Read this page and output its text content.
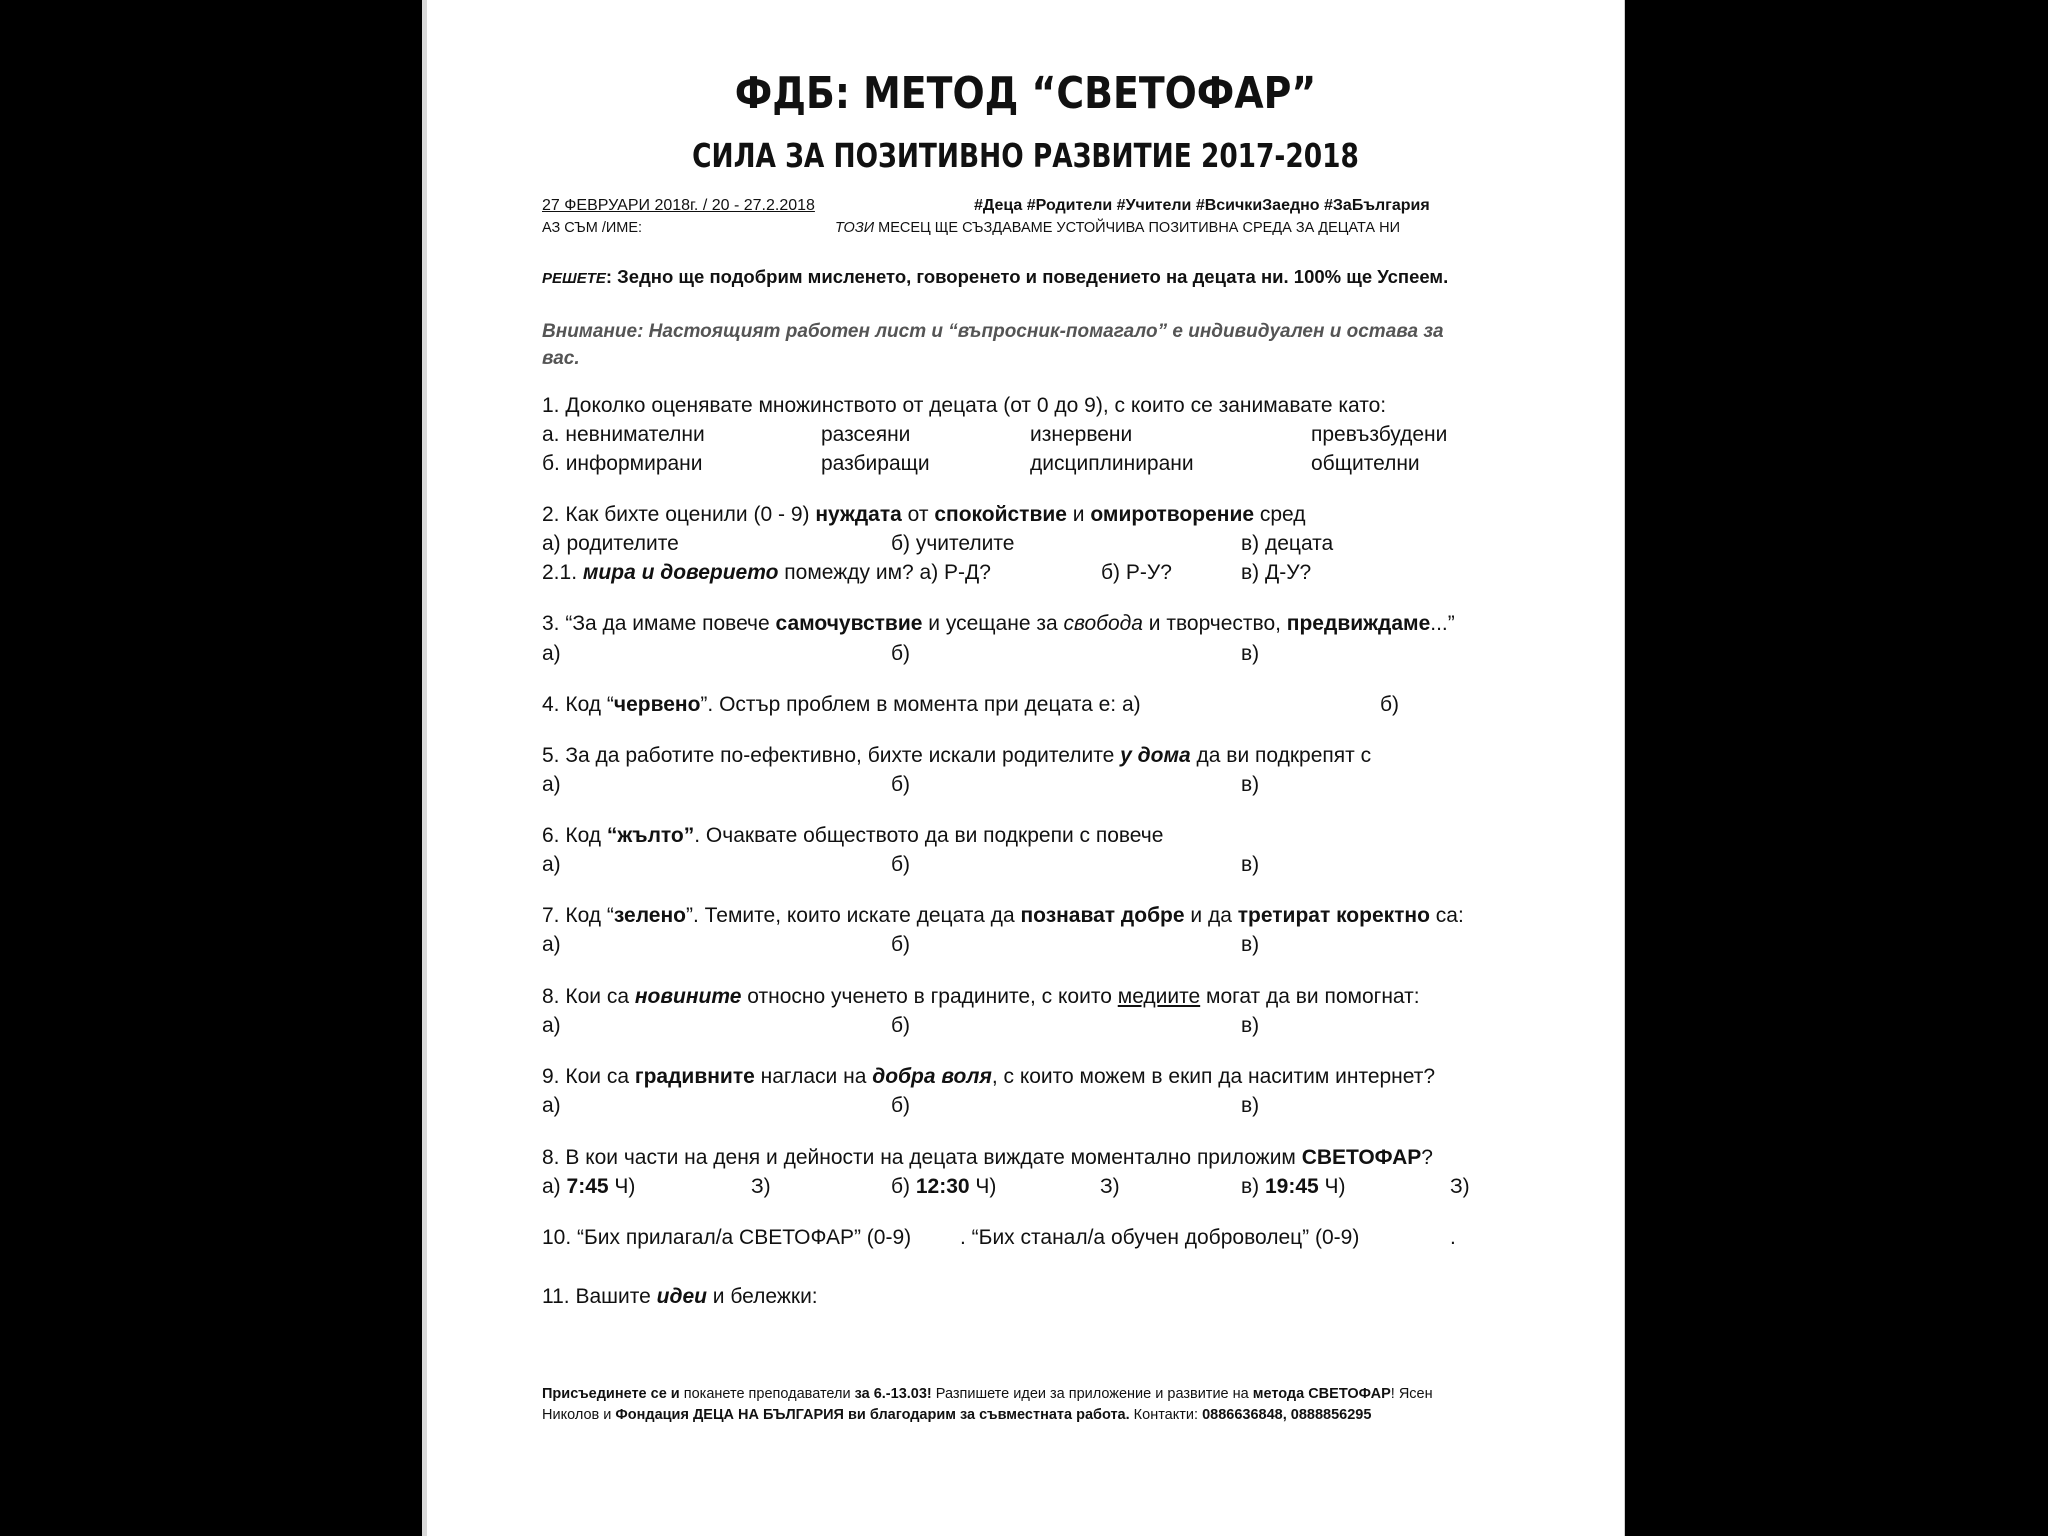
ФДБ: МЕТОД “СВЕТОФАР”
СИЛА ЗА ПОЗИТИВНО РАЗВИТИЕ 2017-2018
27 ФЕВРУАРИ 2018г. / 20 - 27.2.2018	#Деца #Родители #Учители #ВсичкиЗаедно #ЗаБългария
АЗ СЪМ /ИМЕ:	ТОЗИ МЕСЕЦ ЩЕ СЪЗДАВАМЕ УСТОЙЧИВА ПОЗИТИВНА СРЕДА ЗА ДЕЦАТА НИ
РЕШЕТЕ: Зедно ще подобрим мисленето, говоренето и поведението на децата ни. 100% ще Успеем.
Внимание: Настоящият работен лист и “въпросник-помагало” е индивидуален и остава за
вас.
1. Доколко оценявате множинството от децата (от 0 до 9), с които се занимавате като:
а. невнимателни	разсеяни	изнервени	превъзбудени
б. информирани	разбиращи	дисциплинирани	общителни
2. Как бихте оценили (0 - 9) нуждата от спокойствие и омиротворение сред
а) родителите	б) учителите	в) децата
2.1. мира и доверието помежду им? а) Р-Д?	б) Р-У?	в) Д-У?
3. “За да имаме повече самочувствие и усещане за свобода и творчество, предвиждаме...”
а)	б)	в)
4. Код “червено”. Остър проблем в момента при децата е: а)	б)
5. За да работите по-ефективно, бихте искали родителите у дома да ви подкрепят с
а)	б)	в)
6. Код “жълто”. Очаквате обществото да ви подкрепи с повече
а)	б)	в)
7. Код “зелено”. Темите, които искате децата да познават добре и да третират коректно са:
а)	б)	в)
8. Кои са новините относно ученето в градините, с които медиите могат да ви помогнат:
а)	б)	в)
9. Кои са градивните нагласи на добра воля, с които можем в екип да наситим интернет?
а)	б)	в)
8. В кои части на деня и дейности на децата виждате моментално приложим СВЕТОФАР?
а) 7:45 Ч)	З)	б) 12:30 Ч)	З)	в) 19:45 Ч)	З)
10. “Бих прилагал/а СВЕТОФАР” (0-9) . “Бих станал/а обучен доброволец” (0-9)	.
11. Вашите идеи и бележки:
Присъединете се и поканете преподаватели за 6.-13.03! Разпишете идеи за приложение и развитие на метода СВЕТОФАР! Ясен
Николов и Фондация ДЕЦА НА БЪЛГАРИЯ ви благодарим за съвместната работа. Контакти: 0886636848, 0888856295
